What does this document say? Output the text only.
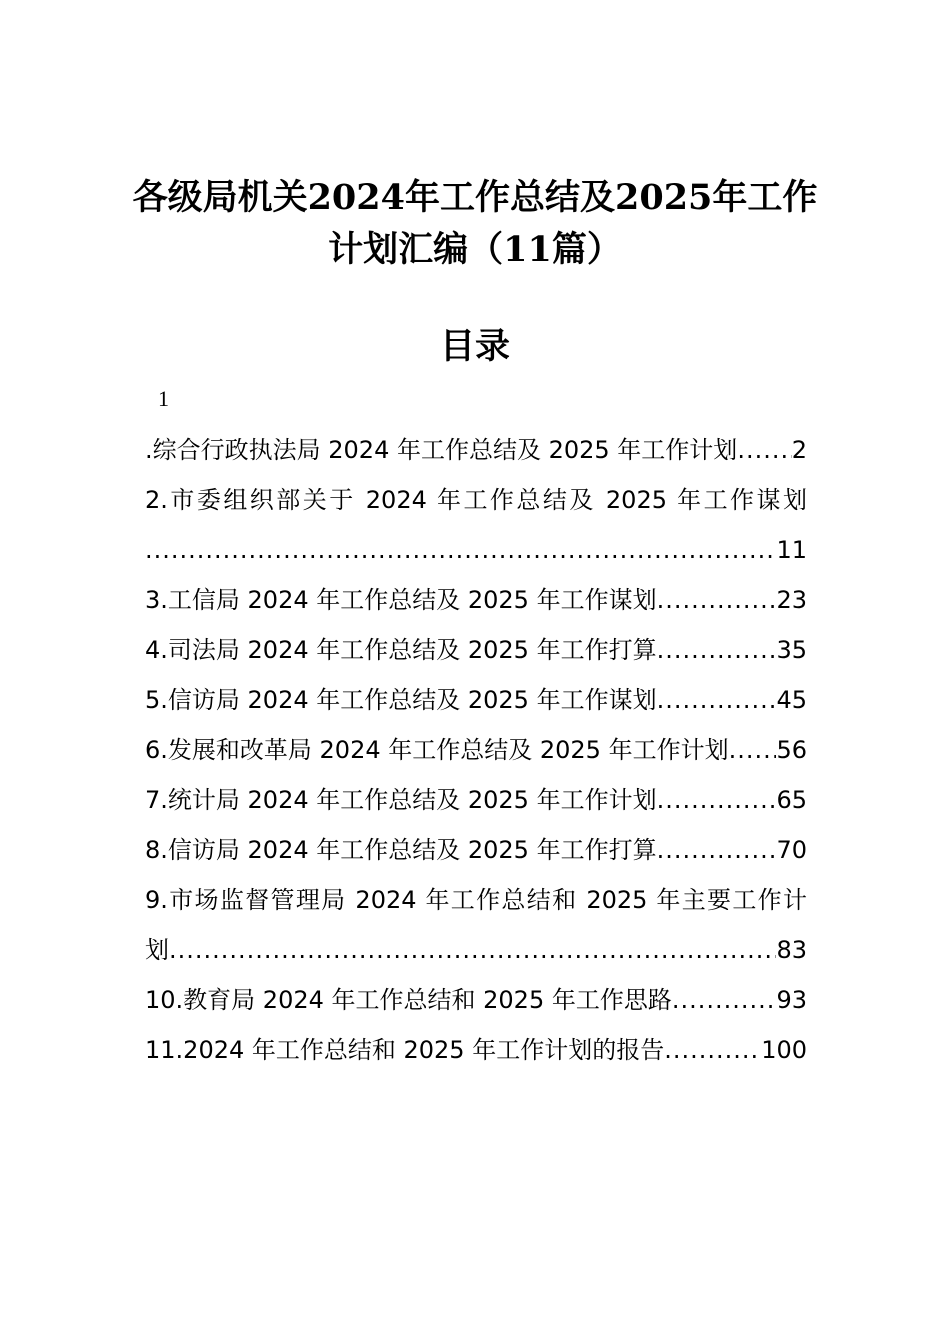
各级局机关2024年工作总结及2025年工作
计划汇编（11篇）
目录
1
.综合行政执法局 2024 年工作总结及 2025 年工作计划 ..... 2
2.市委组织部关于 2024 年工作总结及 2025 年工作谋划
.....
11
3.工信局 2024 年工作总结及 2025 年工作谋划 .....	23
4.司法局 2024 年工作总结及 2025 年工作打算 .....	35
5.信访局 2024 年工作总结及 2025 年工作谋划 .....	45
6.发展和改革局 2024 年工作总结及 2025 年工作计划 ..... 56
7.统计局 2024 年工作总结及 2025 年工作计划 .....	65
8.信访局 2024 年工作总结及 2025 年工作打算 .....	70
9.市场监督管理局 2024 年工作总结和 2025 年主要工作计
划 .....	83
10.教育局 2024 年工作总结和 2025 年工作思路 .....	93
11.2024 年工作总结和 2025 年工作计划的报告 .....	100
